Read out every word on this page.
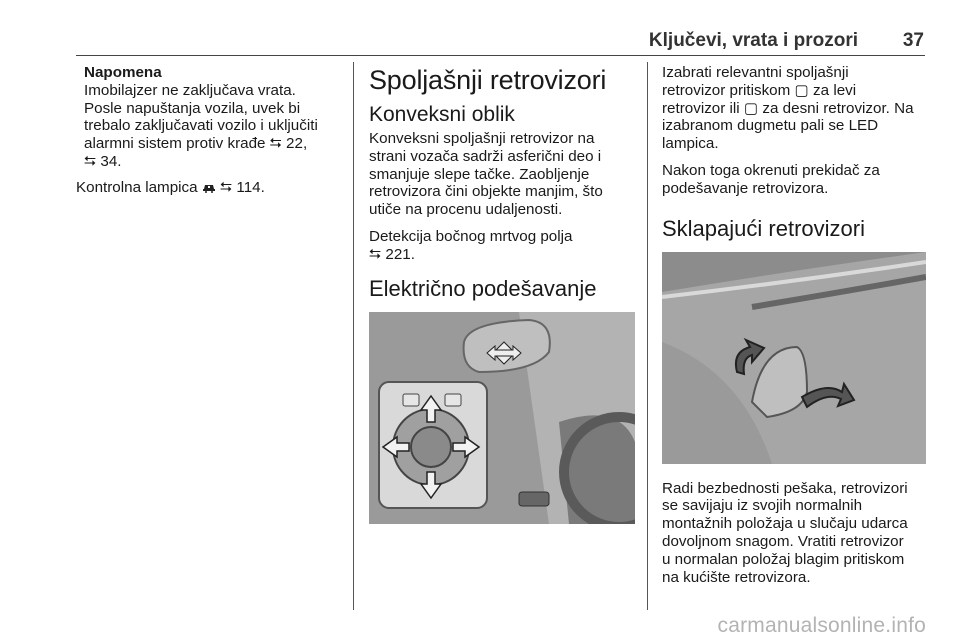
Ključevi, vrata i prozori	37
Napomena
Imobilajzer ne zaključava vrata.
Posle napuštanja vozila, uvek bi
trebalo zaključavati vozilo i uključiti
alarmni sistem protiv krađe ⮀ 22,
⮀ 34.

Kontrolna lampica ⮀ 114.

Spoljašnji retrovizori
Konveksni oblik

Konveksni spoljašnji retrovizor na
strani vozača sadrži asferični deo i
smanjuje slepe tačke. Zaobljenje
retrovizora čini objekte manjim, što
utiče na procenu udaljenosti.

Detekcija bočnog mrtvog polja
⮀ 221.

Električno podešavanje

Izabrati relevantni spoljašnji
retrovizor pritiskom ▢ za levi
retrovizor ili ▢ za desni retrovizor. Na
izabranom dugmetu pali se LED
lampica.

Nakon toga okrenuti prekidač za
podešavanje retrovizora.

Sklapajući retrovizori

Radi bezbednosti pešaka, retrovizori
se savijaju iz svojih normalnih
montažnih položaja u slučaju udarca
dovoljnom snagom. Vratiti retrovizor
u normalan položaj blagim pritiskom
na kućište retrovizora.

carmanualsonline.info
